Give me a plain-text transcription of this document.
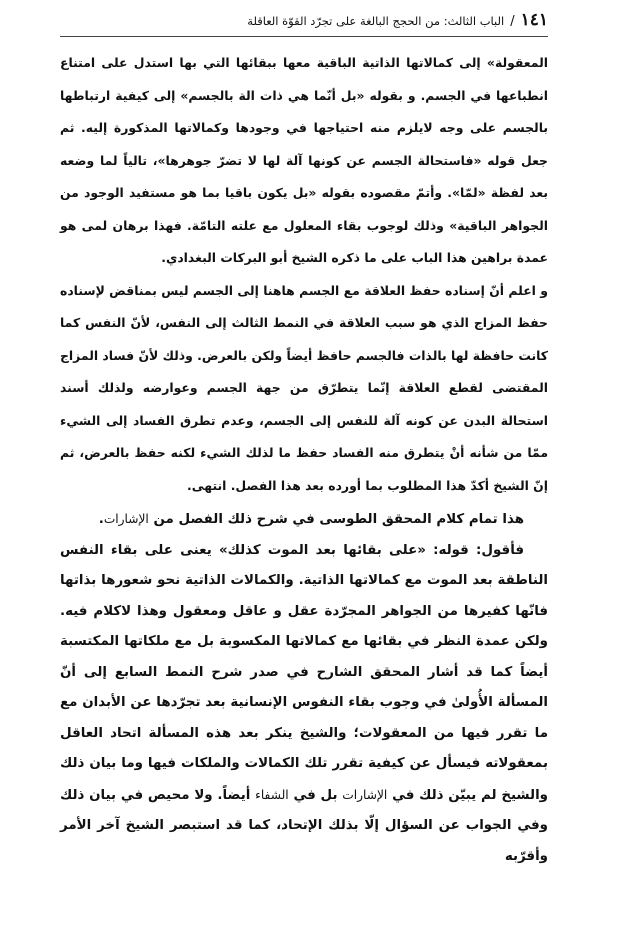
١٤١
/
الباب الثالث: من الحجج البالغة على تجرّد القوّة العاقلة

المعقولة» إلى كمالاتها الذاتية الباقية معها ببقائها التي بها استدل على امتناع انطباعها في الجسم. و بقوله «بل أنّما هي ذات الة بالجسم» إلى كيفية ارتباطها بالجسم على وجه لايلزم منه احتياجها في وجودها وكمالاتها المذكورة إليه. ثم جعل قوله «فاستحالة الجسم عن كونها آلة لها لا تضرّ جوهرها»، تالياً لما وضعه بعد لفظة «لمّا». وأتمّ مقصوده بقوله «بل يكون باقيا بما هو مستفيد الوجود من الجواهر الباقية» وذلك لوجوب بقاء المعلول مع علته التامّة. فهذا برهان لمى هو عمدة براهين هذا الباب على ما ذكره الشيخ أبو البركات البغدادي.

و اعلم أنّ إسناده حفظ العلاقة مع الجسم هاهنا إلى الجسم ليس بمناقض لإسناده حفظ المزاج الذي هو سبب العلاقة في النمط الثالث إلى النفس، لأنّ النفس كما كانت حافظة لها بالذات فالجسم حافظ أيضاً ولكن بالعرض. وذلك لأنّ فساد المزاج المقتضى لقطع العلاقة إنّما يتطرّق من جهة الجسم وعوارضه ولذلك أسند استحالة البدن عن كونه آلة للنفس إلى الجسم، وعدم تطرق الفساد إلى الشيء ممّا من شأنه أنْ يتطرق منه الفساد حفظ ما لذلك الشيء لكنه حفظ بالعرض، ثم إنّ الشيخ أكدّ هذا المطلوب بما أورده بعد هذا الفصل. انتهى.

هذا تمام كلام المحقق الطوسى في شرح ذلك الفصل من الإشارات.

فأقول: قوله: «على بقائها بعد الموت كذلك» يعنى على بقاء النفس الناطقة بعد الموت مع كمالاتها الذاتية. والكمالات الذاتية نحو شعورها بذاتها فانّها كفيرها من الجواهر المجرّدة عقل و عاقل ومعقول وهذا لاكلام فيه. ولكن عمدة النظر في بقائها مع كمالاتها المكسوبة بل مع ملكاتها المكتسبة أيضاً كما قد أشار المحقق الشارح في صدر شرح النمط السابع إلى أنّ المسألة الأُولىٰ في وجوب بقاء النفوس الإنسانية بعد تجرّدها عن الأبدان مع ما تقرر فيها من المعقولات؛ والشيخ ينكر بعد هذه المسألة اتحاد العاقل بمعقولاته فيسأل عن كيفية تقرر تلك الكمالات والملكات فيها وما بيان ذلك والشيخ لم يبيّن ذلك في الإشارات بل في الشفاء أيضاً. ولا محيص في بيان ذلك وفي الجواب عن السؤال إلّا بذلك الإتحاد، كما قد استبصر الشيخ آخر الأمر وأقرّبه
